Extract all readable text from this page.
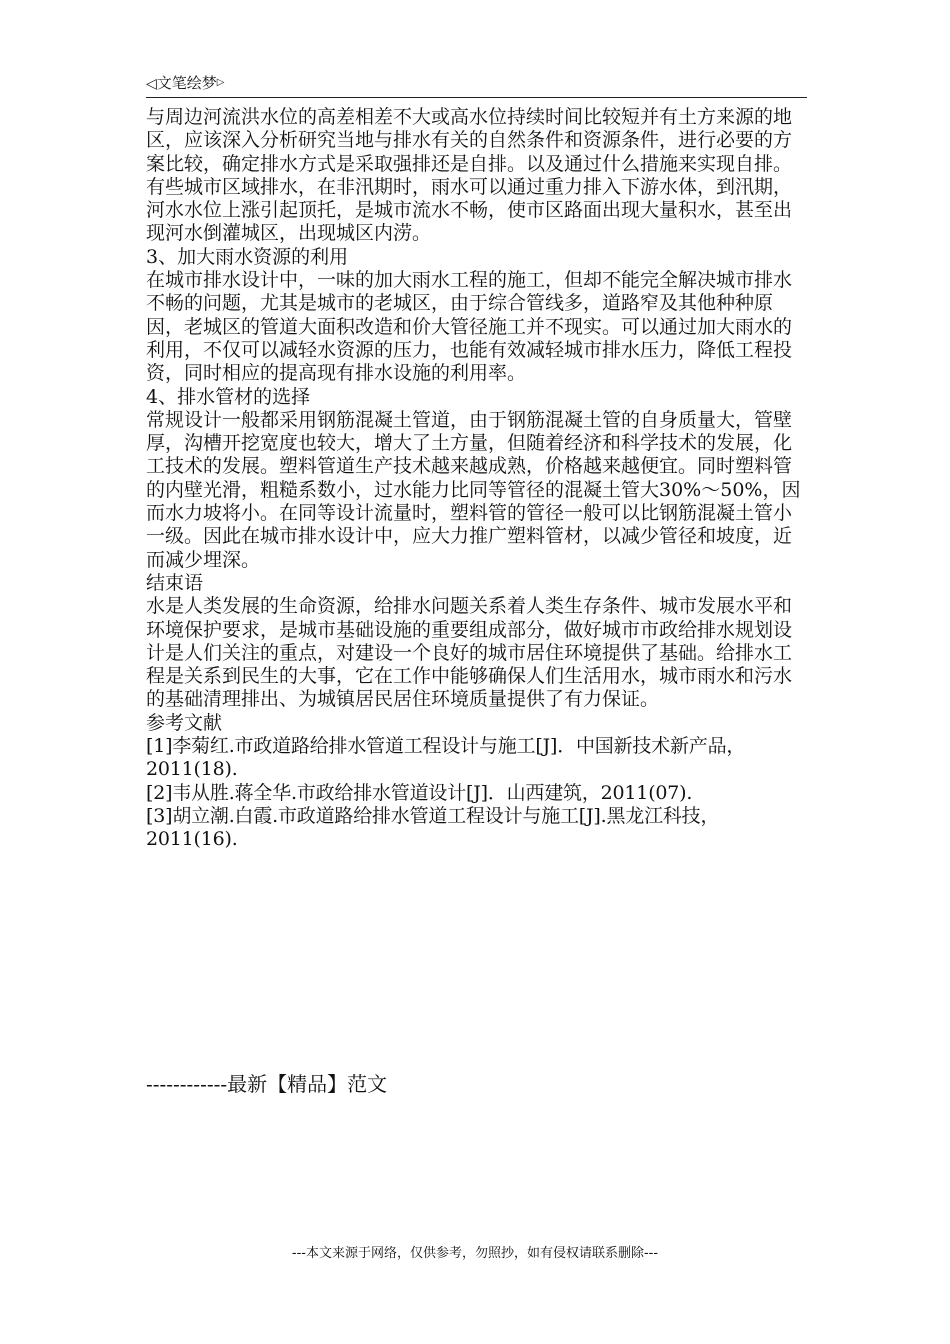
◁文笔绘梦▷

与周边河流洪水位的高差相差不大或高水位持续时间比较短并有土方来源的地区，应该深入分析研究当地与排水有关的自然条件和资源条件，进行必要的方案比较，确定排水方式是采取强排还是自排。以及通过什么措施来实现自排。有些城市区域排水，在非汛期时，雨水可以通过重力排入下游水体，到汛期，河水水位上涨引起顶托，是城市流水不畅，使市区路面出现大量积水，甚至出现河水倒灌城区，出现城区内涝。

3、加大雨水资源的利用

在城市排水设计中，一味的加大雨水工程的施工，但却不能完全解决城市排水不畅的问题，尤其是城市的老城区，由于综合管线多，道路窄及其他种种原因，老城区的管道大面积改造和价大管径施工并不现实。可以通过加大雨水的利用，不仅可以减轻水资源的压力，也能有效减轻城市排水压力，降低工程投资，同时相应的提高现有排水设施的利用率。

4、排水管材的选择

常规设计一般都采用钢筋混凝土管道，由于钢筋混凝土管的自身质量大，管壁厚，沟槽开挖宽度也较大，增大了土方量，但随着经济和科学技术的发展，化工技术的发展。塑料管道生产技术越来越成熟，价格越来越便宜。同时塑料管的内壁光滑，粗糙系数小，过水能力比同等管径的混凝土管大30%～50%，因而水力坡将小。在同等设计流量时，塑料管的管径一般可以比钢筋混凝土管小一级。因此在城市排水设计中，应大力推广塑料管材，以减少管径和坡度，近而减少埋深。

结束语

水是人类发展的生命资源，给排水问题关系着人类生存条件、城市发展水平和环境保护要求，是城市基础设施的重要组成部分，做好城市市政给排水规划设计是人们关注的重点，对建设一个良好的城市居住环境提供了基础。给排水工程是关系到民生的大事，它在工作中能够确保人们生活用水，城市雨水和污水的基础清理排出、为城镇居民居住环境质量提供了有力保证。

参考文献

[1]李菊红.市政道路给排水管道工程设计与施工[J]．中国新技术新产品，2011(18).

[2]韦从胜.蒋全华.市政给排水管道设计[J]．山西建筑，2011(07).

[3]胡立潮.白霞.市政道路给排水管道工程设计与施工[J].黑龙江科技，2011(16).

------------最新【精品】范文
---本文来源于网络，仅供参考，勿照抄，如有侵权请联系删除---
